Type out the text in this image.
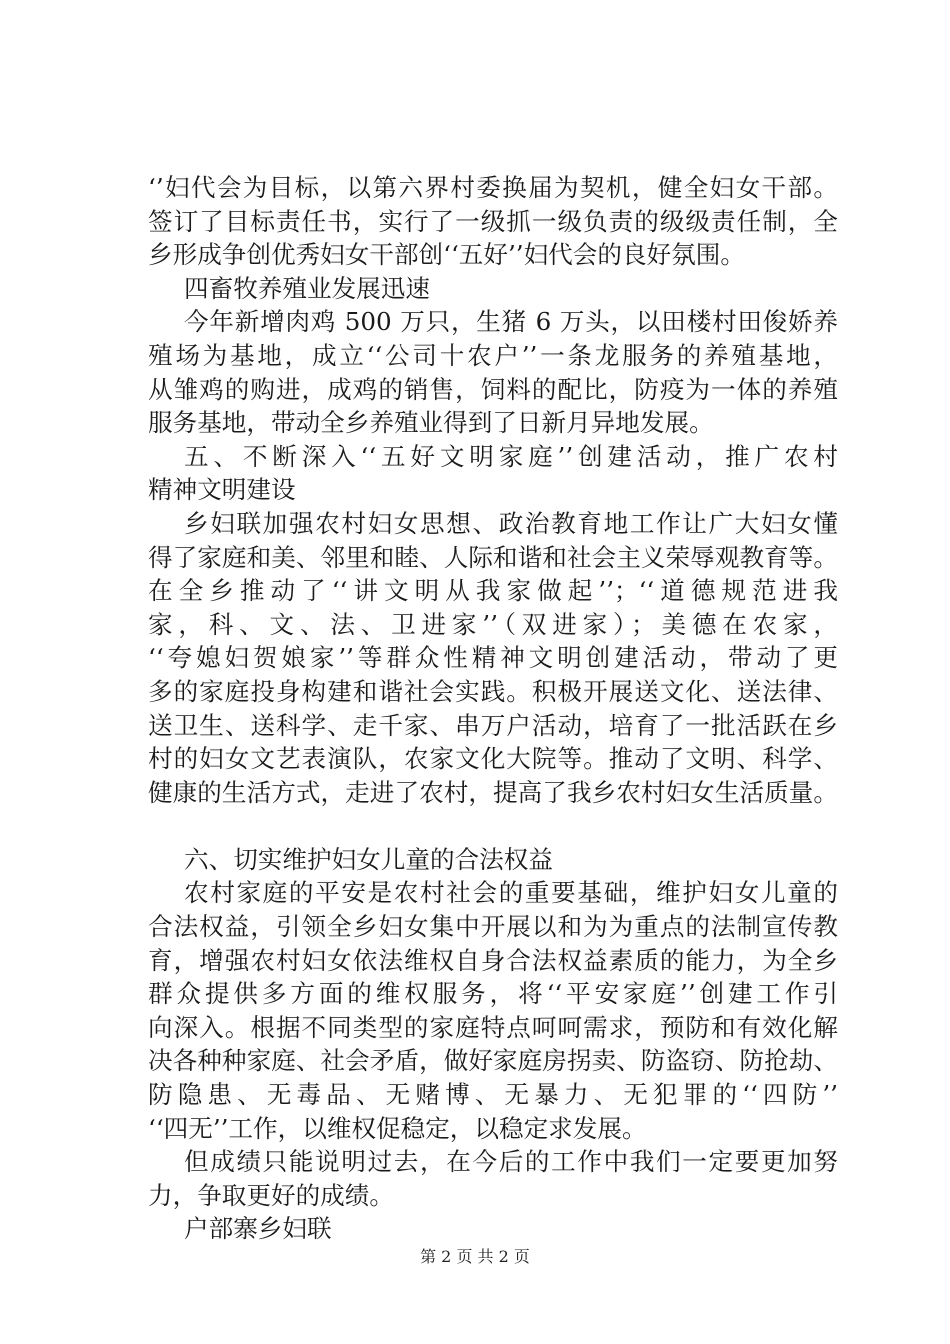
‘’妇代会为目标，以第六界村委换届为契机，健全妇女干部。
签订了目标责任书，实行了一级抓一级负责的级级责任制，全
乡形成争创优秀妇女干部创‘‘五好’’妇代会的良好氛围。
四畜牧养殖业发展迅速
今年新增肉鸡 500 万只，生猪 6 万头，以田楼村田俊娇养
殖场为基地，成立‘‘公司十农户’’一条龙服务的养殖基地，
从雏鸡的购进，成鸡的销售，饲料的配比，防疫为一体的养殖
服务基地，带动全乡养殖业得到了日新月异地发展。
五、不断深入‘‘五好文明家庭’’创建活动，推广农村
精神文明建设
乡妇联加强农村妇女思想、政治教育地工作让广大妇女懂
得了家庭和美、邻里和睦、人际和谐和社会主义荣辱观教育等。
在全乡推动了‘‘讲文明从我家做起’’；‘‘道德规范进我
家，科、文、法、卫进家’’（双进家）；美德在农家，
‘‘夸媳妇贺娘家’’等群众性精神文明创建活动，带动了更
多的家庭投身构建和谐社会实践。积极开展送文化、送法律、
送卫生、送科学、走千家、串万户活动，培育了一批活跃在乡
村的妇女文艺表演队，农家文化大院等。推动了文明、科学、
健康的生活方式，走进了农村，提高了我乡农村妇女生活质量。
六、切实维护妇女儿童的合法权益
农村家庭的平安是农村社会的重要基础，维护妇女儿童的
合法权益，引领全乡妇女集中开展以和为为重点的法制宣传教
育，增强农村妇女依法维权自身合法权益素质的能力，为全乡
群众提供多方面的维权服务，将‘‘平安家庭’’创建工作引
向深入。根据不同类型的家庭特点呵呵需求，预防和有效化解
决各种种家庭、社会矛盾，做好家庭房拐卖、防盗窃、防抢劫、
防隐患、无毒品、无赌博、无暴力、无犯罪的‘‘四防’’
‘‘四无’’工作，以维权促稳定，以稳定求发展。
但成绩只能说明过去，在今后的工作中我们一定要更加努
力，争取更好的成绩。
户部寨乡妇联
第 2 页 共 2 页
